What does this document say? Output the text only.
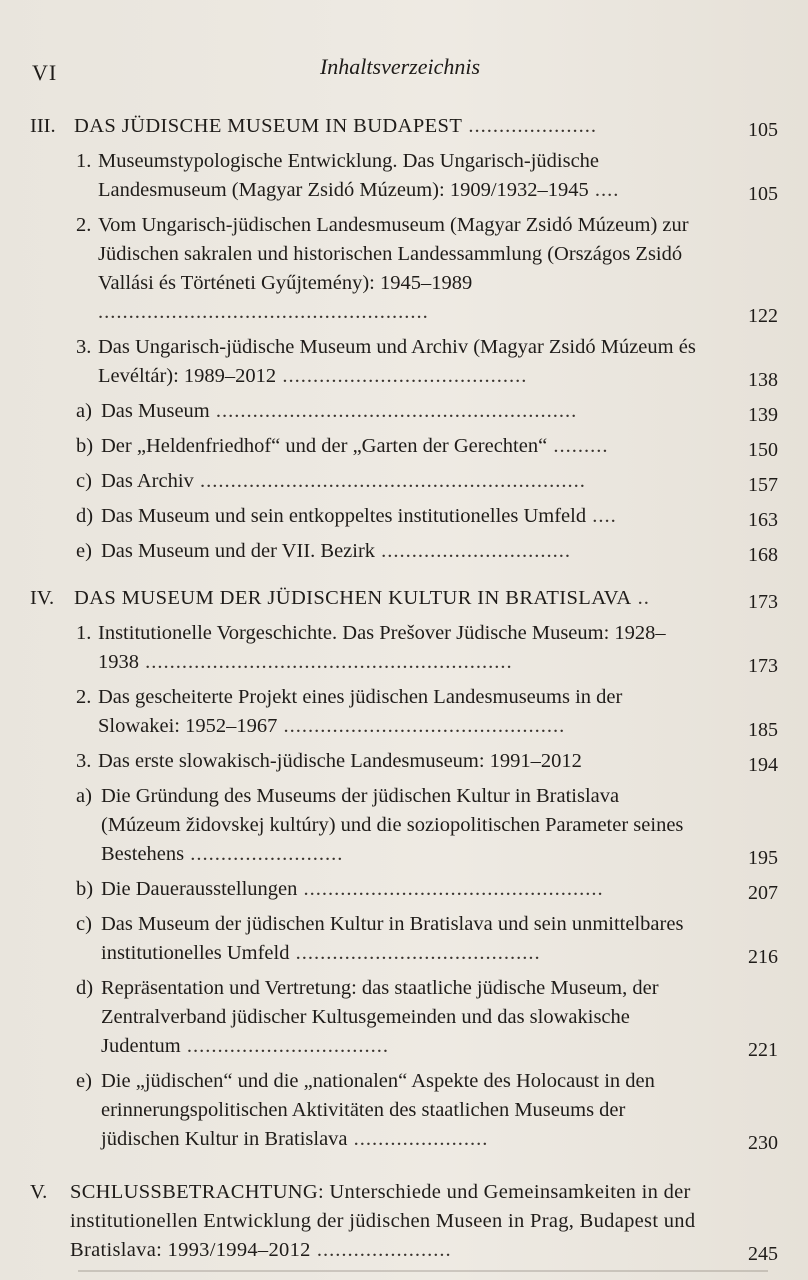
VI	Inhaltsverzeichnis
III. DAS JÜDISCHE MUSEUM IN BUDAPEST .....................	105
1. Museumstypologische Entwicklung. Das Ungarisch-jüdische Landesmuseum (Magyar Zsidó Múzeum): 1909/1932–1945 ....	105
2. Vom Ungarisch-jüdischen Landesmuseum (Magyar Zsidó Múzeum) zur Jüdischen sakralen und historischen Landessammlung (Országos Zsidó Vallási és Történeti Gyűjtemény): 1945–1989 ......................................................	122
3. Das Ungarisch-jüdische Museum und Archiv (Magyar Zsidó Múzeum és Levéltár): 1989–2012 ........................................	138
a) Das Museum ...........................................................	139
b) Der „Heldenfriedhof“ und der „Garten der Gerechten“ .........	150
c) Das Archiv ...............................................................	157
d) Das Museum und sein entkoppeltes institutionelles Umfeld ....	163
e) Das Museum und der VII. Bezirk ...............................	168
IV. DAS MUSEUM DER JÜDISCHEN KULTUR IN BRATISLAVA ..	173
1. Institutionelle Vorgeschichte. Das Prešover Jüdische Museum: 1928–1938 ............................................................	173
2. Das gescheiterte Projekt eines jüdischen Landesmuseums in der Slowakei: 1952–1967 ..............................................	185
3. Das erste slowakisch-jüdische Landesmuseum: 1991–2012	194
a) Die Gründung des Museums der jüdischen Kultur in Bratislava (Múzeum židovskej kultúry) und die soziopolitischen Parameter seines Bestehens .........................	195
b) Die Dauerausstellungen .................................................	207
c) Das Museum der jüdischen Kultur in Bratislava und sein unmittelbares institutionelles Umfeld ........................................	216
d) Repräsentation und Vertretung: das staatliche jüdische Museum, der Zentralverband jüdischer Kultusgemeinden und das slowakische Judentum .................................	221
e) Die „jüdischen“ und die „nationalen“ Aspekte des Holocaust in den erinnerungspolitischen Aktivitäten des staatlichen Museums der jüdischen Kultur in Bratislava ......................	230
V. SCHLUSSBETRACHTUNG: Unterschiede und Gemeinsamkeiten in der institutionellen Entwicklung der jüdischen Museen in Prag, Budapest und Bratislava: 1993/1994–2012 ......................	245
